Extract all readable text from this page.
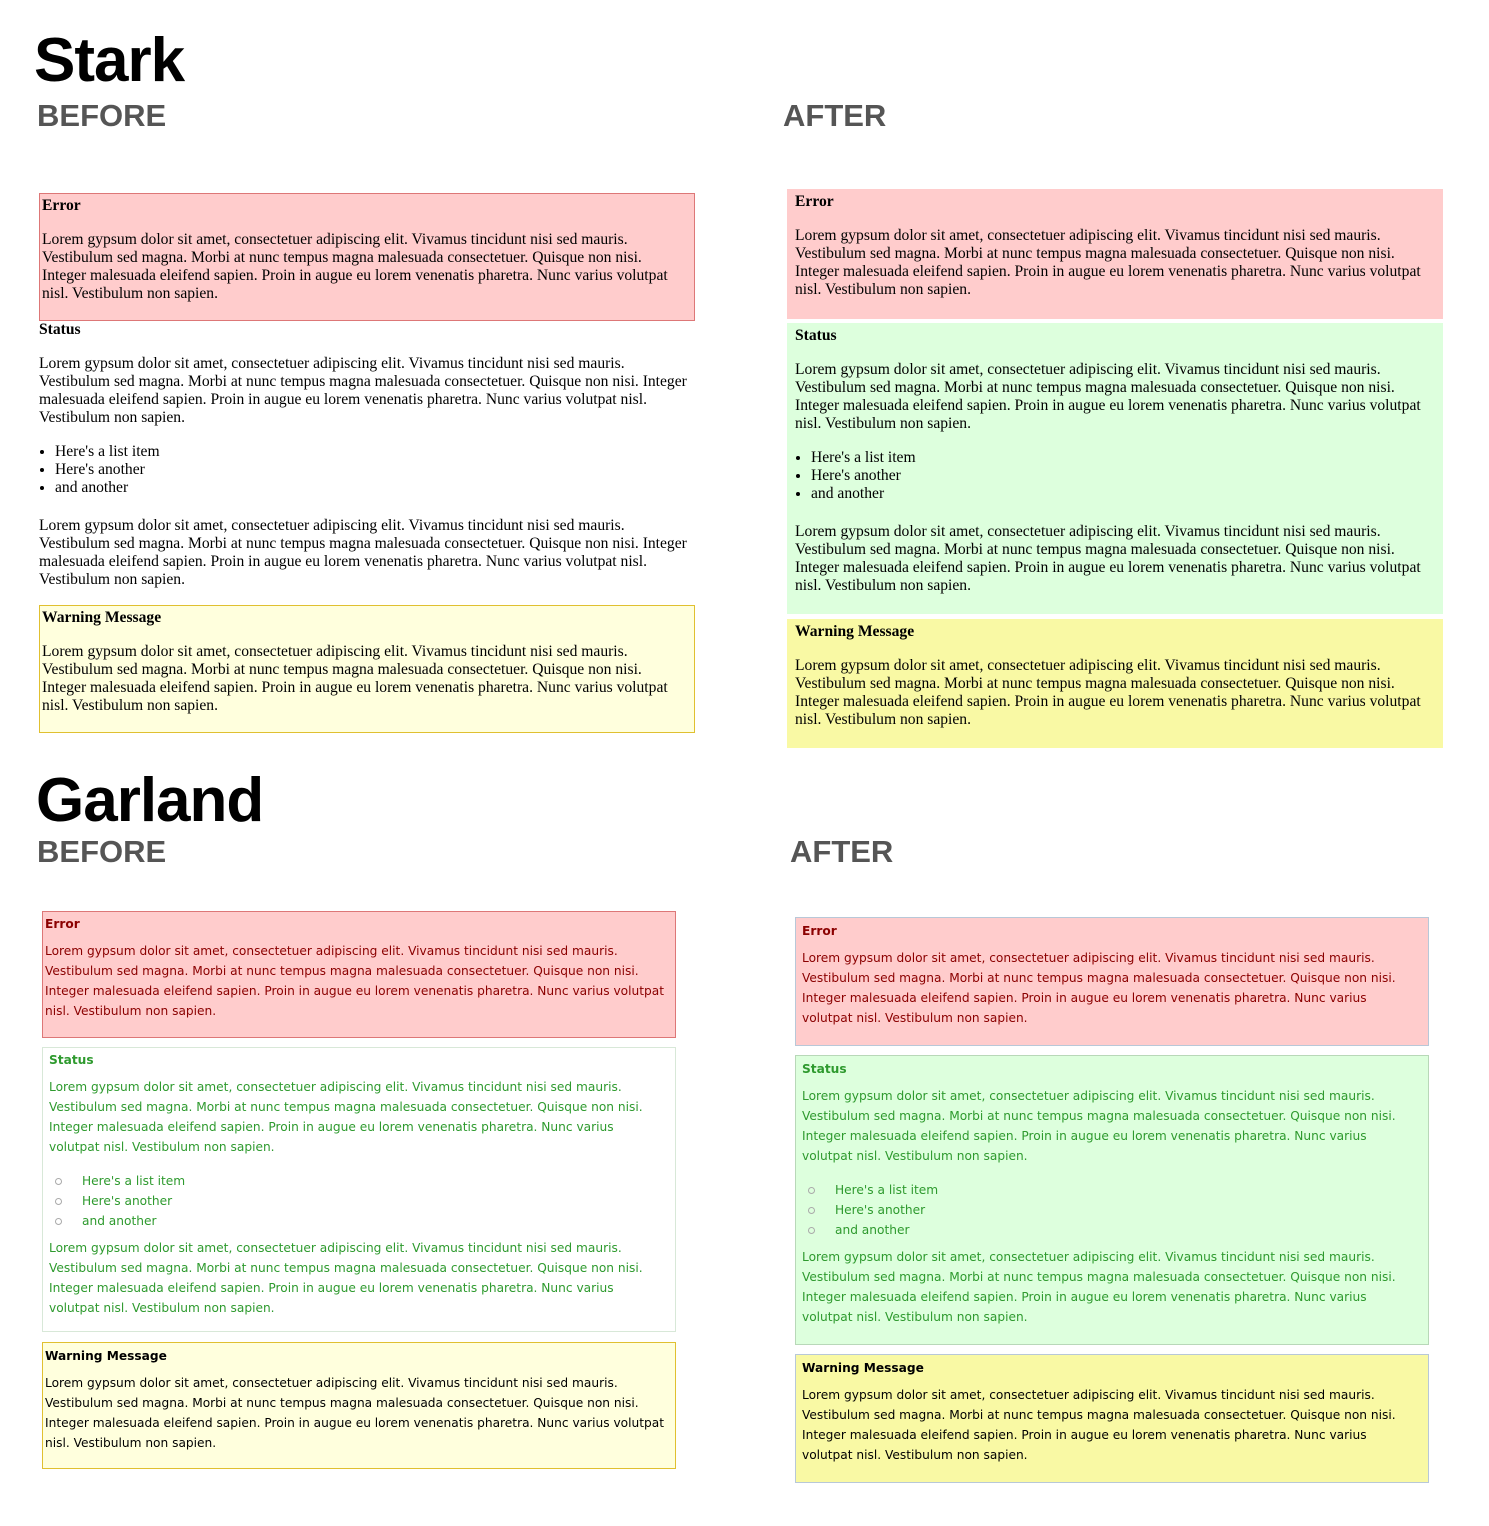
Stark
BEFORE	AFTER
Error

Lorem gypsum dolor sit amet, consectetuer adipiscing elit. Vivamus tincidunt nisi sed mauris. Vestibulum sed magna. Morbi at nunc tempus magna malesuada consectetuer. Quisque non nisi. Integer malesuada eleifend sapien. Proin in augue eu lorem venenatis pharetra. Nunc varius volutpat nisl. Vestibulum non sapien.

Status

Lorem gypsum dolor sit amet, consectetuer adipiscing elit. Vivamus tincidunt nisi sed mauris. Vestibulum sed magna. Morbi at nunc tempus magna malesuada consectetuer. Quisque non nisi. Integer malesuada eleifend sapien. Proin in augue eu lorem venenatis pharetra. Nunc varius volutpat nisl. Vestibulum non sapien.

• Here's a list item
• Here's another
• and another

Lorem gypsum dolor sit amet, consectetuer adipiscing elit. Vivamus tincidunt nisi sed mauris. Vestibulum sed magna. Morbi at nunc tempus magna malesuada consectetuer. Quisque non nisi. Integer malesuada eleifend sapien. Proin in augue eu lorem venenatis pharetra. Nunc varius volutpat nisl. Vestibulum non sapien.

Warning Message

Lorem gypsum dolor sit amet, consectetuer adipiscing elit. Vivamus tincidunt nisi sed mauris. Vestibulum sed magna. Morbi at nunc tempus magna malesuada consectetuer. Quisque non nisi. Integer malesuada eleifend sapien. Proin in augue eu lorem venenatis pharetra. Nunc varius volutpat nisl. Vestibulum non sapien.

Error

Lorem gypsum dolor sit amet, consectetuer adipiscing elit. Vivamus tincidunt nisi sed mauris. Vestibulum sed magna. Morbi at nunc tempus magna malesuada consectetuer. Quisque non nisi. Integer malesuada eleifend sapien. Proin in augue eu lorem venenatis pharetra. Nunc varius volutpat nisl. Vestibulum non sapien.

Status

Lorem gypsum dolor sit amet, consectetuer adipiscing elit. Vivamus tincidunt nisi sed mauris. Vestibulum sed magna. Morbi at nunc tempus magna malesuada consectetuer. Quisque non nisi. Integer malesuada eleifend sapien. Proin in augue eu lorem venenatis pharetra. Nunc varius volutpat nisl. Vestibulum non sapien.

• Here's a list item
• Here's another
• and another

Lorem gypsum dolor sit amet, consectetuer adipiscing elit. Vivamus tincidunt nisi sed mauris. Vestibulum sed magna. Morbi at nunc tempus magna malesuada consectetuer. Quisque non nisi. Integer malesuada eleifend sapien. Proin in augue eu lorem venenatis pharetra. Nunc varius volutpat nisl. Vestibulum non sapien.

Warning Message

Lorem gypsum dolor sit amet, consectetuer adipiscing elit. Vivamus tincidunt nisi sed mauris. Vestibulum sed magna. Morbi at nunc tempus magna malesuada consectetuer. Quisque non nisi. Integer malesuada eleifend sapien. Proin in augue eu lorem venenatis pharetra. Nunc varius volutpat nisl. Vestibulum non sapien.

Garland
BEFORE	AFTER
Error

Lorem gypsum dolor sit amet, consectetuer adipiscing elit. Vivamus tincidunt nisi sed mauris. Vestibulum sed magna. Morbi at nunc tempus magna malesuada consectetuer. Quisque non nisi. Integer malesuada eleifend sapien. Proin in augue eu lorem venenatis pharetra. Nunc varius volutpat nisl. Vestibulum non sapien.

Status

Lorem gypsum dolor sit amet, consectetuer adipiscing elit. Vivamus tincidunt nisi sed mauris. Vestibulum sed magna. Morbi at nunc tempus magna malesuada consectetuer. Quisque non nisi. Integer malesuada eleifend sapien. Proin in augue eu lorem venenatis pharetra. Nunc varius volutpat nisl. Vestibulum non sapien.

Here's a list item
Here's another
and another

Lorem gypsum dolor sit amet, consectetuer adipiscing elit. Vivamus tincidunt nisi sed mauris. Vestibulum sed magna. Morbi at nunc tempus magna malesuada consectetuer. Quisque non nisi. Integer malesuada eleifend sapien. Proin in augue eu lorem venenatis pharetra. Nunc varius volutpat nisl. Vestibulum non sapien.

Warning Message

Lorem gypsum dolor sit amet, consectetuer adipiscing elit. Vivamus tincidunt nisi sed mauris. Vestibulum sed magna. Morbi at nunc tempus magna malesuada consectetuer. Quisque non nisi. Integer malesuada eleifend sapien. Proin in augue eu lorem venenatis pharetra. Nunc varius volutpat nisl. Vestibulum non sapien.

Error

Lorem gypsum dolor sit amet, consectetuer adipiscing elit. Vivamus tincidunt nisi sed mauris. Vestibulum sed magna. Morbi at nunc tempus magna malesuada consectetuer. Quisque non nisi. Integer malesuada eleifend sapien. Proin in augue eu lorem venenatis pharetra. Nunc varius volutpat nisl. Vestibulum non sapien.

Status

Lorem gypsum dolor sit amet, consectetuer adipiscing elit. Vivamus tincidunt nisi sed mauris. Vestibulum sed magna. Morbi at nunc tempus magna malesuada consectetuer. Quisque non nisi. Integer malesuada eleifend sapien. Proin in augue eu lorem venenatis pharetra. Nunc varius volutpat nisl. Vestibulum non sapien.

Here's a list item
Here's another
and another

Lorem gypsum dolor sit amet, consectetuer adipiscing elit. Vivamus tincidunt nisi sed mauris. Vestibulum sed magna. Morbi at nunc tempus magna malesuada consectetuer. Quisque non nisi. Integer malesuada eleifend sapien. Proin in augue eu lorem venenatis pharetra. Nunc varius volutpat nisl. Vestibulum non sapien.

Warning Message

Lorem gypsum dolor sit amet, consectetuer adipiscing elit. Vivamus tincidunt nisi sed mauris. Vestibulum sed magna. Morbi at nunc tempus magna malesuada consectetuer. Quisque non nisi. Integer malesuada eleifend sapien. Proin in augue eu lorem venenatis pharetra. Nunc varius volutpat nisl. Vestibulum non sapien.
